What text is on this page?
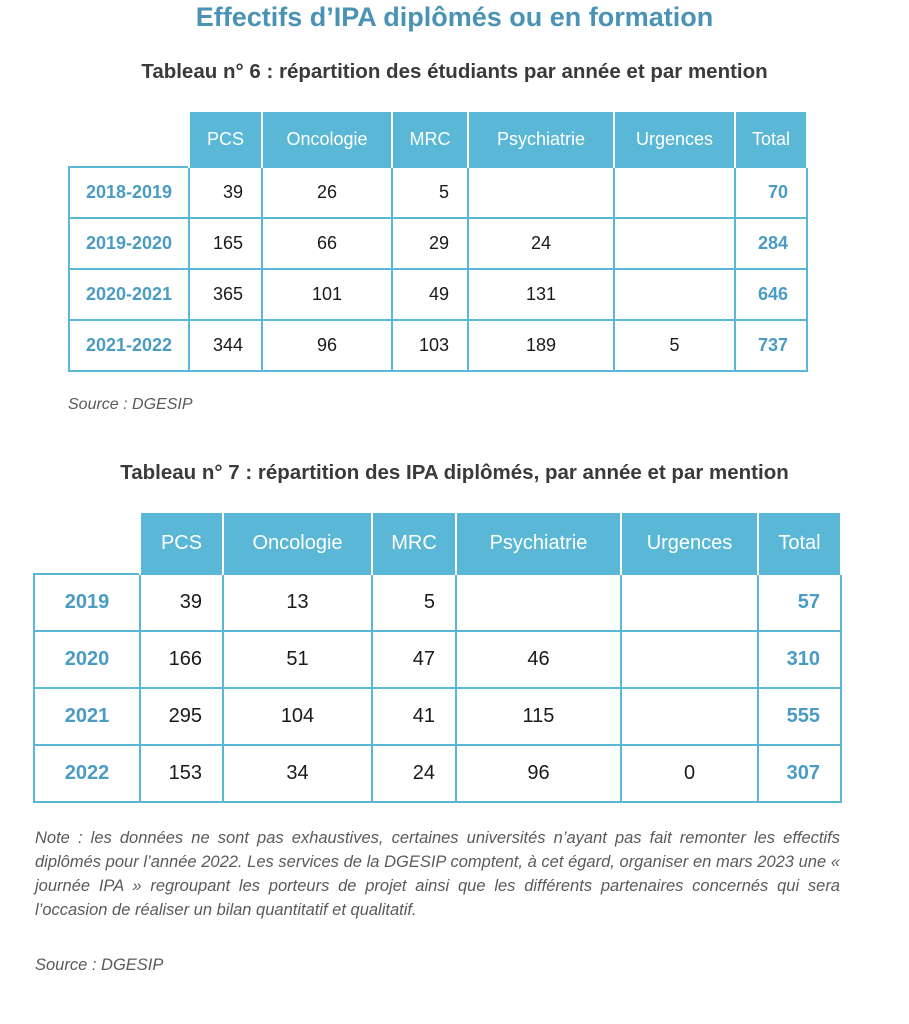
Effectifs d’IPA diplômés ou en formation
Tableau n° 6 : répartition des étudiants par année et par mention
	PCS	Oncologie	MRC	Psychiatrie	Urgences	Total
2018-2019	39	26	5			70
2019-2020	165	66	29	24		284
2020-2021	365	101	49	131		646
2021-2022	344	96	103	189	5	737
Source : DGESIP
Tableau n° 7 : répartition des IPA diplômés, par année et par mention
	PCS	Oncologie	MRC	Psychiatrie	Urgences	Total
2019	39	13	5			57
2020	166	51	47	46		310
2021	295	104	41	115		555
2022	153	34	24	96	0	307
Note : les données ne sont pas exhaustives, certaines universités n’ayant pas fait remonter les effectifs diplômés pour l’année 2022. Les services de la DGESIP comptent, à cet égard, organiser en mars 2023 une « journée IPA » regroupant les porteurs de projet ainsi que les différents partenaires concernés qui sera l’occasion de réaliser un bilan quantitatif et qualitatif.
Source : DGESIP
